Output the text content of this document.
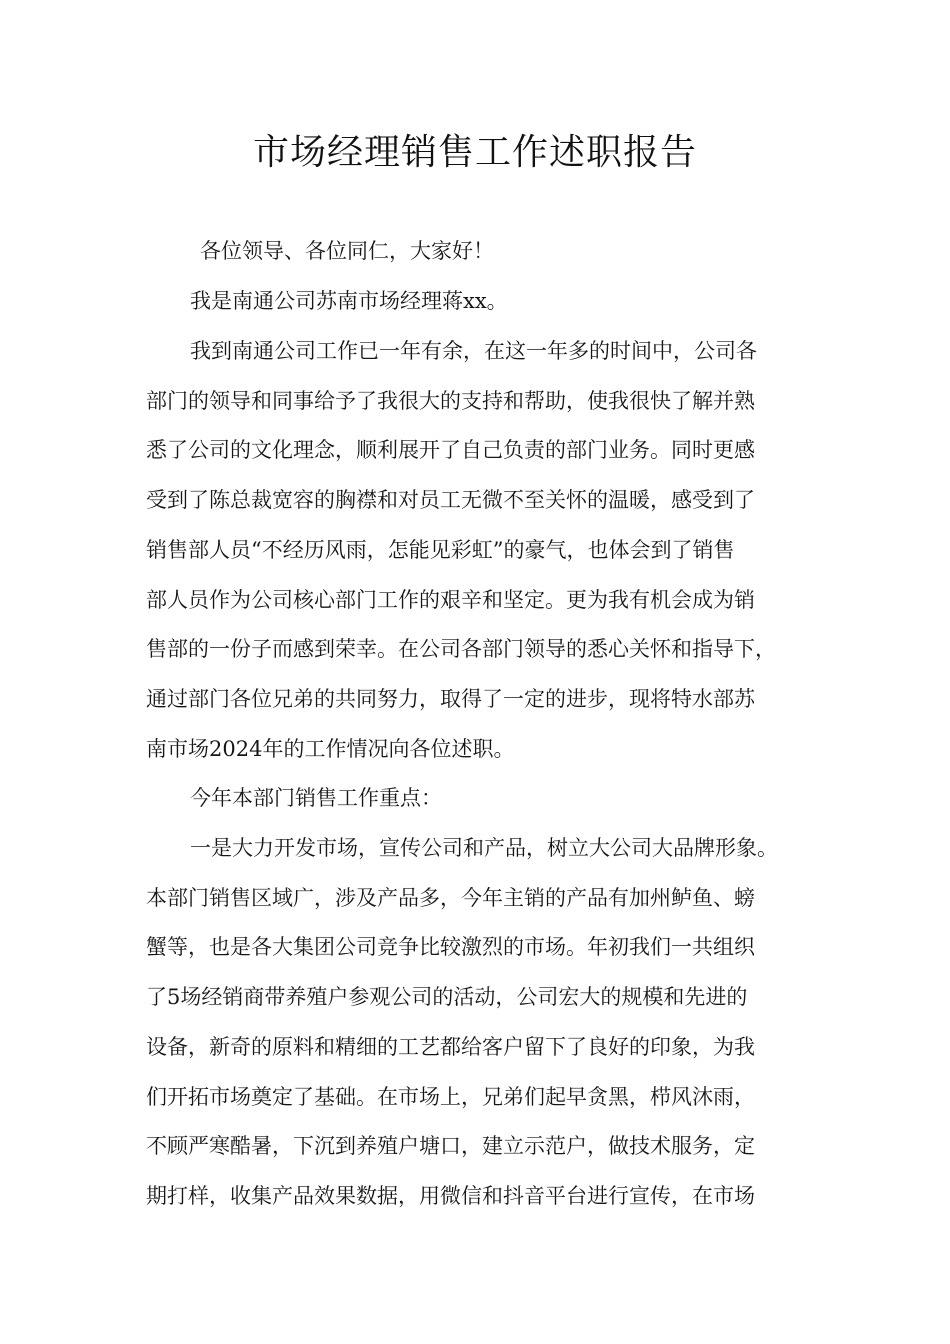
市场经理销售工作述职报告

各位领导、各位同仁，大家好！

我是南通公司苏南市场经理蒋xx。

我到南通公司工作已一年有余，在这一年多的时间中，公司各

部门的领导和同事给予了我很大的支持和帮助，使我很快了解并熟

悉了公司的文化理念，顺利展开了自己负责的部门业务。同时更感

受到了陈总裁宽容的胸襟和对员工无微不至关怀的温暖，感受到了

销售部人员“不经历风雨，怎能见彩虹”的豪气，也体会到了销售

部人员作为公司核心部门工作的艰辛和坚定。更为我有机会成为销

售部的一份子而感到荣幸。在公司各部门领导的悉心关怀和指导下，

通过部门各位兄弟的共同努力，取得了一定的进步，现将特水部苏

南市场2024年的工作情况向各位述职。

今年本部门销售工作重点：

一是大力开发市场，宣传公司和产品，树立大公司大品牌形象。

本部门销售区域广，涉及产品多，今年主销的产品有加州鲈鱼、螃

蟹等，也是各大集团公司竞争比较激烈的市场。年初我们一共组织

了5场经销商带养殖户参观公司的活动，公司宏大的规模和先进的

设备，新奇的原料和精细的工艺都给客户留下了良好的印象，为我

们开拓市场奠定了基础。在市场上，兄弟们起早贪黑，栉风沐雨，

不顾严寒酷暑，下沉到养殖户塘口，建立示范户，做技术服务，定

期打样，收集产品效果数据，用微信和抖音平台进行宣传，在市场
